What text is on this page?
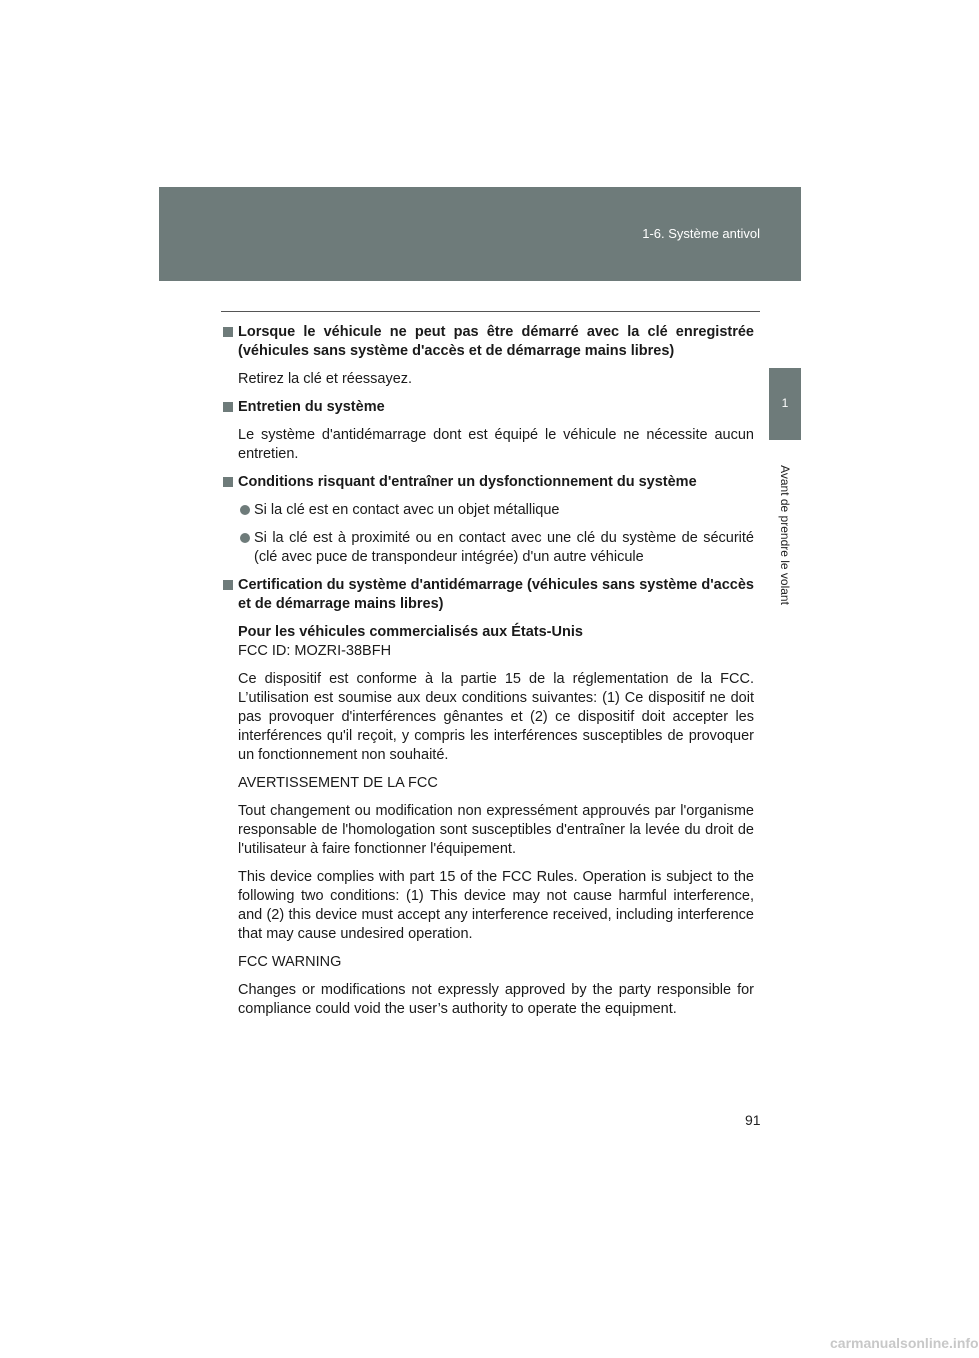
1-6. Système antivol
1
Avant de prendre le volant
Lorsque le véhicule ne peut pas être démarré avec la clé enregistrée (véhicules sans système d'accès et de démarrage mains libres)
Retirez la clé et réessayez.
Entretien du système
Le système d'antidémarrage dont est équipé le véhicule ne nécessite aucun entretien.
Conditions risquant d'entraîner un dysfonctionnement du système
Si la clé est en contact avec un objet métallique
Si la clé est à proximité ou en contact avec une clé du système de sécurité (clé avec puce de transpondeur intégrée) d'un autre véhicule
Certification du système d'antidémarrage (véhicules sans système d'accès et de démarrage mains libres)
Pour les véhicules commercialisés aux États-Unis
FCC ID: MOZRI-38BFH
Ce dispositif est conforme à la partie 15 de la réglementation de la FCC. L’utilisation est soumise aux deux conditions suivantes: (1) Ce dispositif ne doit pas provoquer d'interférences gênantes et (2) ce dispositif doit accepter les interférences qu'il reçoit, y compris les interférences susceptibles de provoquer un fonctionnement non souhaité.
AVERTISSEMENT DE LA FCC
Tout changement ou modification non expressément approuvés par l'organisme responsable de l'homologation sont susceptibles d'entraîner la levée du droit de l'utilisateur à faire fonctionner l'équipement.
This device complies with part 15 of the FCC Rules. Operation is subject to the following two conditions: (1) This device may not cause harmful interference, and (2) this device must accept any interference received, including interference that may cause undesired operation.
FCC WARNING
Changes or modifications not expressly approved by the party responsible for compliance could void the user’s authority to operate the equipment.
91
carmanualsonline.info
